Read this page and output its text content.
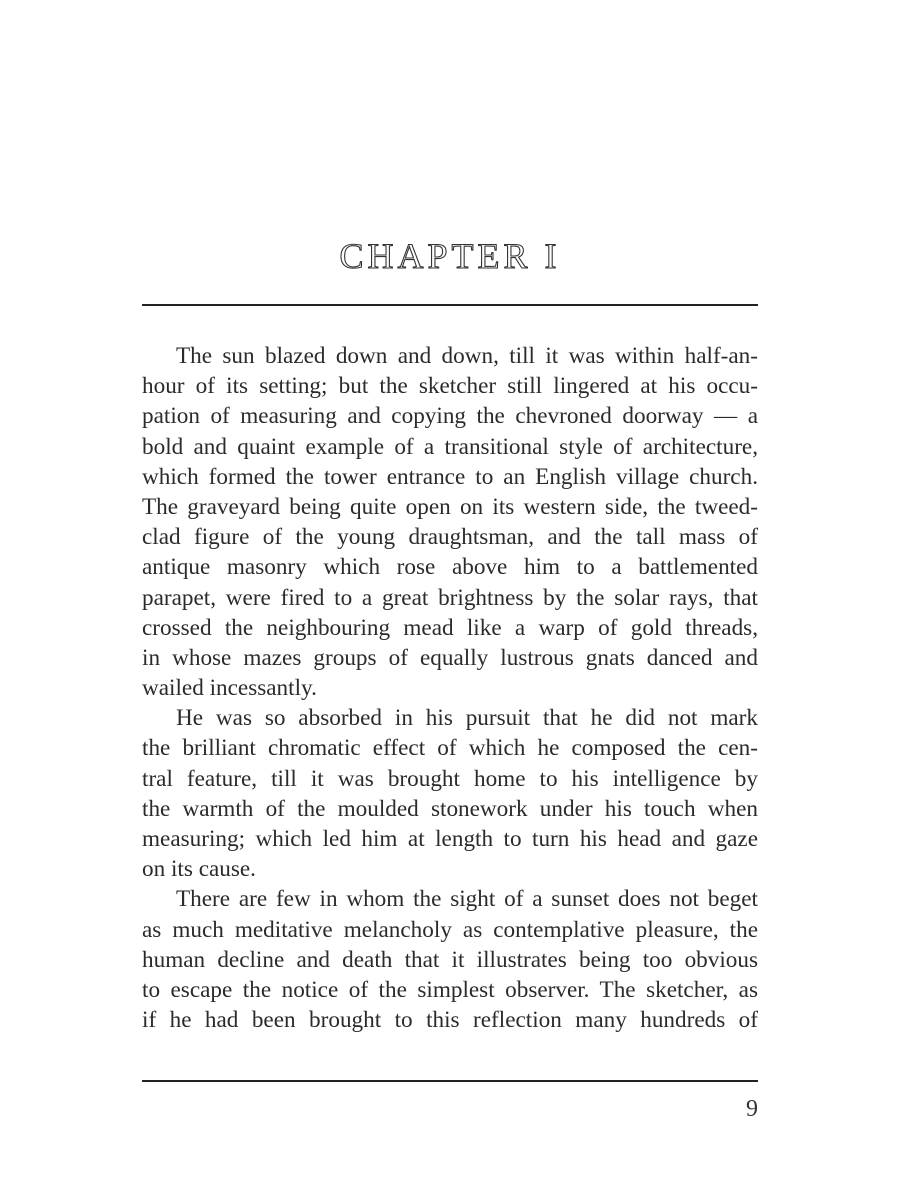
CHAPTER I
The sun blazed down and down, till it was within half-an-
hour of its setting; but the sketcher still lingered at his occu-
pation of measuring and copying the chevroned doorway — a
bold and quaint example of a transitional style of architecture,
which formed the tower entrance to an English village church.
The graveyard being quite open on its western side, the tweed-
clad figure of the young draughtsman, and the tall mass of
antique masonry which rose above him to a battlemented
parapet, were fired to a great brightness by the solar rays, that
crossed the neighbouring mead like a warp of gold threads,
in whose mazes groups of equally lustrous gnats danced and
wailed incessantly.
He was so absorbed in his pursuit that he did not mark
the brilliant chromatic effect of which he composed the cen-
tral feature, till it was brought home to his intelligence by
the warmth of the moulded stonework under his touch when
measuring; which led him at length to turn his head and gaze
on its cause.
There are few in whom the sight of a sunset does not beget
as much meditative melancholy as contemplative pleasure, the
human decline and death that it illustrates being too obvious
to escape the notice of the simplest observer. The sketcher, as
if he had been brought to this reflection many hundreds of

9
